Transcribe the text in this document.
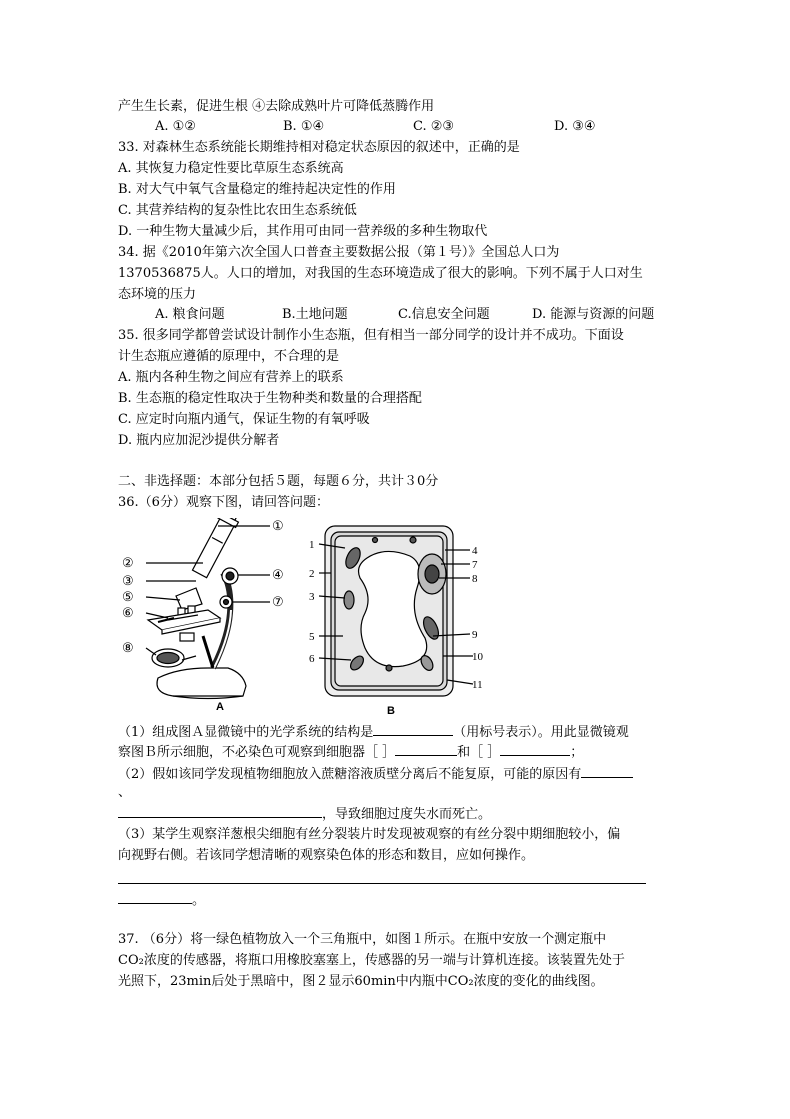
产生生长素，促进生根 ④去除成熟叶片可降低蒸腾作用
A. ①②	B. ①④	C. ②③	D. ③④
33. 对森林生态系统能长期维持相对稳定状态原因的叙述中，正确的是
A. 其恢复力稳定性要比草原生态系统高
B. 对大气中氧气含量稳定的维持起决定性的作用
C. 其营养结构的复杂性比农田生态系统低
D. 一种生物大量减少后，其作用可由同一营养级的多种生物取代
34. 据《2010年第六次全国人口普查主要数据公报（第１号）》全国总人口为
1370536875人。人口的增加，对我国的生态环境造成了很大的影响。下列不属于人口对生
态环境的压力
A. 粮食问题	B.土地问题	C.信息安全问题	D. 能源与资源的问题
35. 很多同学都曾尝试设计制作小生态瓶，但有相当一部分同学的设计并不成功。下面设
计生态瓶应遵循的原理中，不合理的是
A. 瓶内各种生物之间应有营养上的联系
B. 生态瓶的稳定性取决于生物种类和数量的合理搭配
C. 应定时向瓶内通气，保证生物的有氧呼吸
D. 瓶内应加泥沙提供分解者
二、非选择题：本部分包括５题，每题６分，共计３0分
36.（6分）观察下图，请回答问题：
①
②
③	④
⑤
⑥
⑦
⑧
A
1
2
3
4
5
6
7
8
9
10
11
B
（1）组成图Ａ显微镜中的光学系统的结构是	（用标号表示）。用此显微镜观
察图Ｂ所示细胞，不必染色可观察到细胞器［ ］	和［ ］	；
（2）假如该同学发现植物细胞放入蔗糖溶液质壁分离后不能复原，可能的原因有
、
，导致细胞过度失水而死亡。
（3）某学生观察洋葱根尖细胞有丝分裂装片时发现被观察的有丝分裂中期细胞较小，偏
向视野右侧。若该同学想清晰的观察染色体的形态和数目，应如何操作。
。
37. （6分）将一绿色植物放入一个三角瓶中，如图１所示。在瓶中安放一个测定瓶中
CO₂浓度的传感器，将瓶口用橡胶塞塞上，传感器的另一端与计算机连接。该装置先处于
光照下，23min后处于黑暗中，图２显示60min中内瓶中CO₂浓度的变化的曲线图。
